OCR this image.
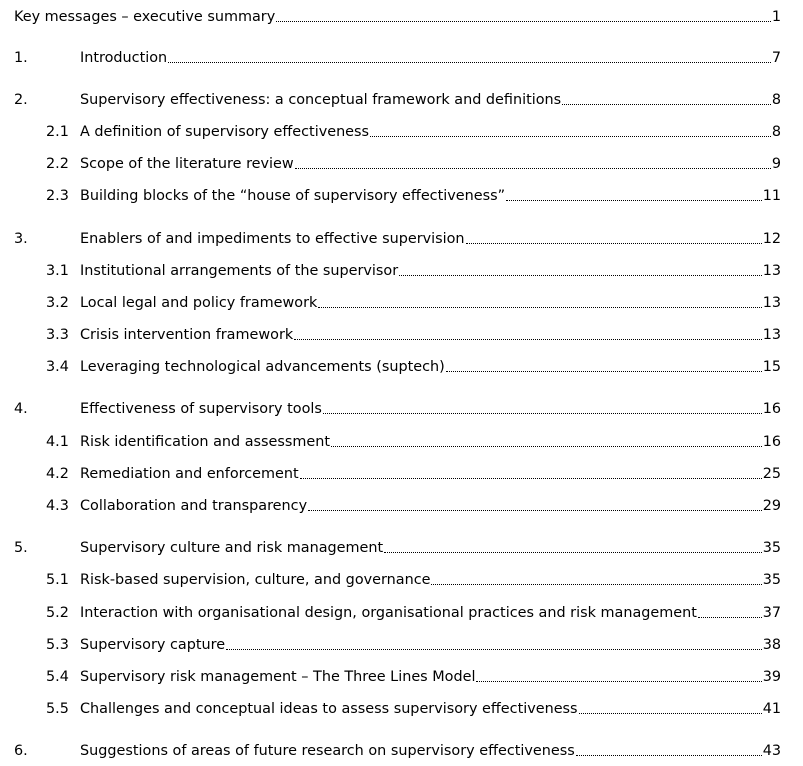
Key messages – executive summary	1
1.	Introduction	7
2.	Supervisory effectiveness: a conceptual framework and definitions	8
2.1 A definition of supervisory effectiveness	8
2.2 Scope of the literature review	9
2.3 Building blocks of the “house of supervisory effectiveness”	11
3.	Enablers of and impediments to effective supervision	12
3.1 Institutional arrangements of the supervisor	13
3.2 Local legal and policy framework	13
3.3 Crisis intervention framework	13
3.4 Leveraging technological advancements (suptech)	15
4.	Effectiveness of supervisory tools	16
4.1 Risk identification and assessment	16
4.2 Remediation and enforcement	25
4.3 Collaboration and transparency	29
5.	Supervisory culture and risk management	35
5.1 Risk-based supervision, culture, and governance	35
5.2 Interaction with organisational design, organisational practices and risk management	37
5.3 Supervisory capture	38
5.4 Supervisory risk management – The Three Lines Model	39
5.5 Challenges and conceptual ideas to assess supervisory effectiveness	41
6.	Suggestions of areas of future research on supervisory effectiveness	43
